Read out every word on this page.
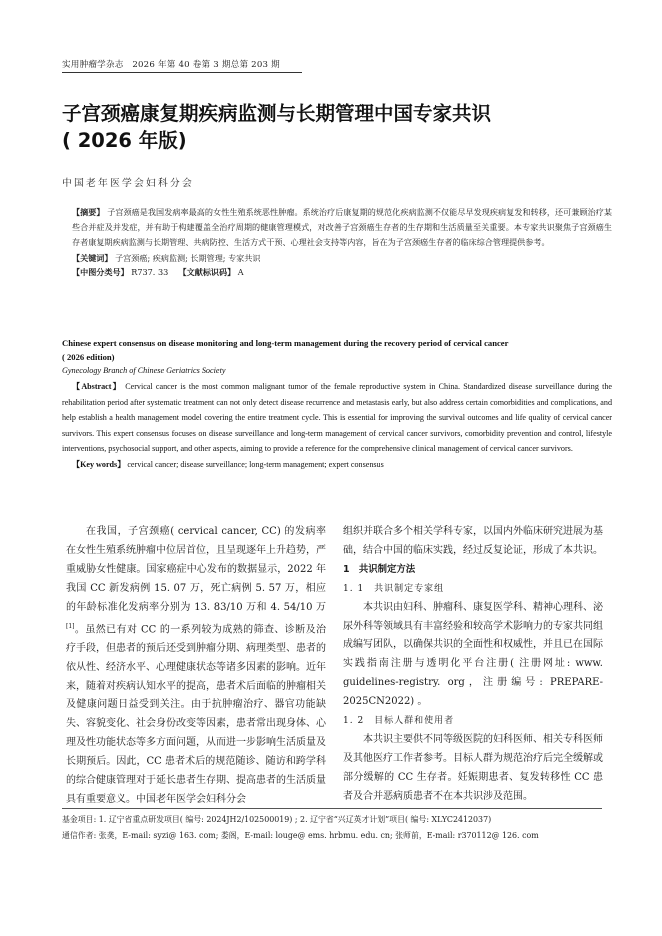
实用肿瘤学杂志　2026 年第 40 卷第 3 期总第 203 期
子宫颈癌康复期疾病监测与长期管理中国专家共识
( 2026 年版)
中国老年医学会妇科分会

【摘要】 子宫颈癌是我国发病率最高的女性生殖系统恶性肿瘤。系统治疗后康复期的规范化疾病监测不仅能尽早发现疾病复发和转移，还可兼顾治疗某些合并症及并发症，并有助于构建覆盖全治疗周期的健康管理模式，对改善子宫颈癌生存者的生存期和生活质量至关重要。本专家共识聚焦子宫颈癌生存者康复期疾病监测与长期管理、共病防控、生活方式干预、心理社会支持等内容，旨在为子宫颈癌生存者的临床综合管理提供参考。

【关键词】 子宫颈癌; 疾病监测; 长期管理; 专家共识

【中图分类号】 R737. 33 【文献标识码】 A

Chinese expert consensus on disease monitoring and long-term management during the recovery period of cervical cancer
( 2026 edition)
Gynecology Branch of Chinese Geriatrics Society

【Abstract】 Cervical cancer is the most common malignant tumor of the female reproductive system in China. Standardized disease surveillance during the rehabilitation period after systematic treatment can not only detect disease recurrence and metastasis early, but also address certain comorbidities and complications, and help establish a health management model covering the entire treatment cycle. This is essential for improving the survival outcomes and life quality of cervical cancer survivors. This expert consensus focuses on disease surveillance and long-term management of cervical cancer survivors, comorbidity prevention and control, lifestyle interventions, psychosocial support, and other aspects, aiming to provide a reference for the comprehensive clinical management of cervical cancer survivors.

【Key words】 cervical cancer; disease surveillance; long-term management; expert consensus

在我国，子宫颈癌( cervical cancer, CC) 的发病率在女性生殖系统肿瘤中位居首位，且呈现逐年上升趋势，严重威胁女性健康。国家癌症中心发布的数据显示，2022 年我国 CC 新发病例 15. 07 万，死亡病例 5. 57 万，相应的年龄标准化发病率分别为 13. 83/10 万和 4. 54/10 万[1]。虽然已有对 CC 的一系列较为成熟的筛查、诊断及治疗手段，但患者的预后还受到肿瘤分期、病理类型、患者的依从性、经济水平、心理健康状态等诸多因素的影响。近年来，随着对疾病认知水平的提高，患者术后面临的肿瘤相关及健康问题日益受到关注。由于抗肿瘤治疗、器官功能缺失、容貌变化、社会身份改变等因素，患者常出现身体、心理及性功能状态等多方面问题，从而进一步影响生活质量及长期预后。因此，CC 患者术后的规范随诊、随访和跨学科的综合健康管理对于延长患者生存期、提高患者的生活质量具有重要意义。中国老年医学会妇科分会

组织并联合多个相关学科专家，以国内外临床研究进展为基础，结合中国的临床实践，经过反复论证，形成了本共识。

1　共识制定方法

1. 1　共识制定专家组

本共识由妇科、肿瘤科、康复医学科、精神心理科、泌尿外科等领域具有丰富经验和较高学术影响力的专家共同组成编写团队，以确保共识的全面性和权威性，并且已在国际实践指南注册与透明化平台注册( 注册网址: www. guidelines-registry. org，注册编号: PREPARE-2025CN2022) 。

1. 2　目标人群和使用者

本共识主要供不同等级医院的妇科医师、相关专科医师及其他医疗工作者参考。目标人群为规范治疗后完全缓解或部分缓解的 CC 生存者。妊娠期患者、复发转移性 CC 患者及合并恶病质患者不在本共识涉及范围。

基金项目: 1. 辽宁省重点研发项目( 编号: 2024JH2/102500019) ; 2. 辽宁省“兴辽英才计划”项目( 编号: XLYC2412037)
通信作者: 张䶮，E-mail: syzi@ 163. com; 娄阁，E-mail: louge@ ems. hrbmu. edu. cn; 张师前，E-mail: r370112@ 126. com
